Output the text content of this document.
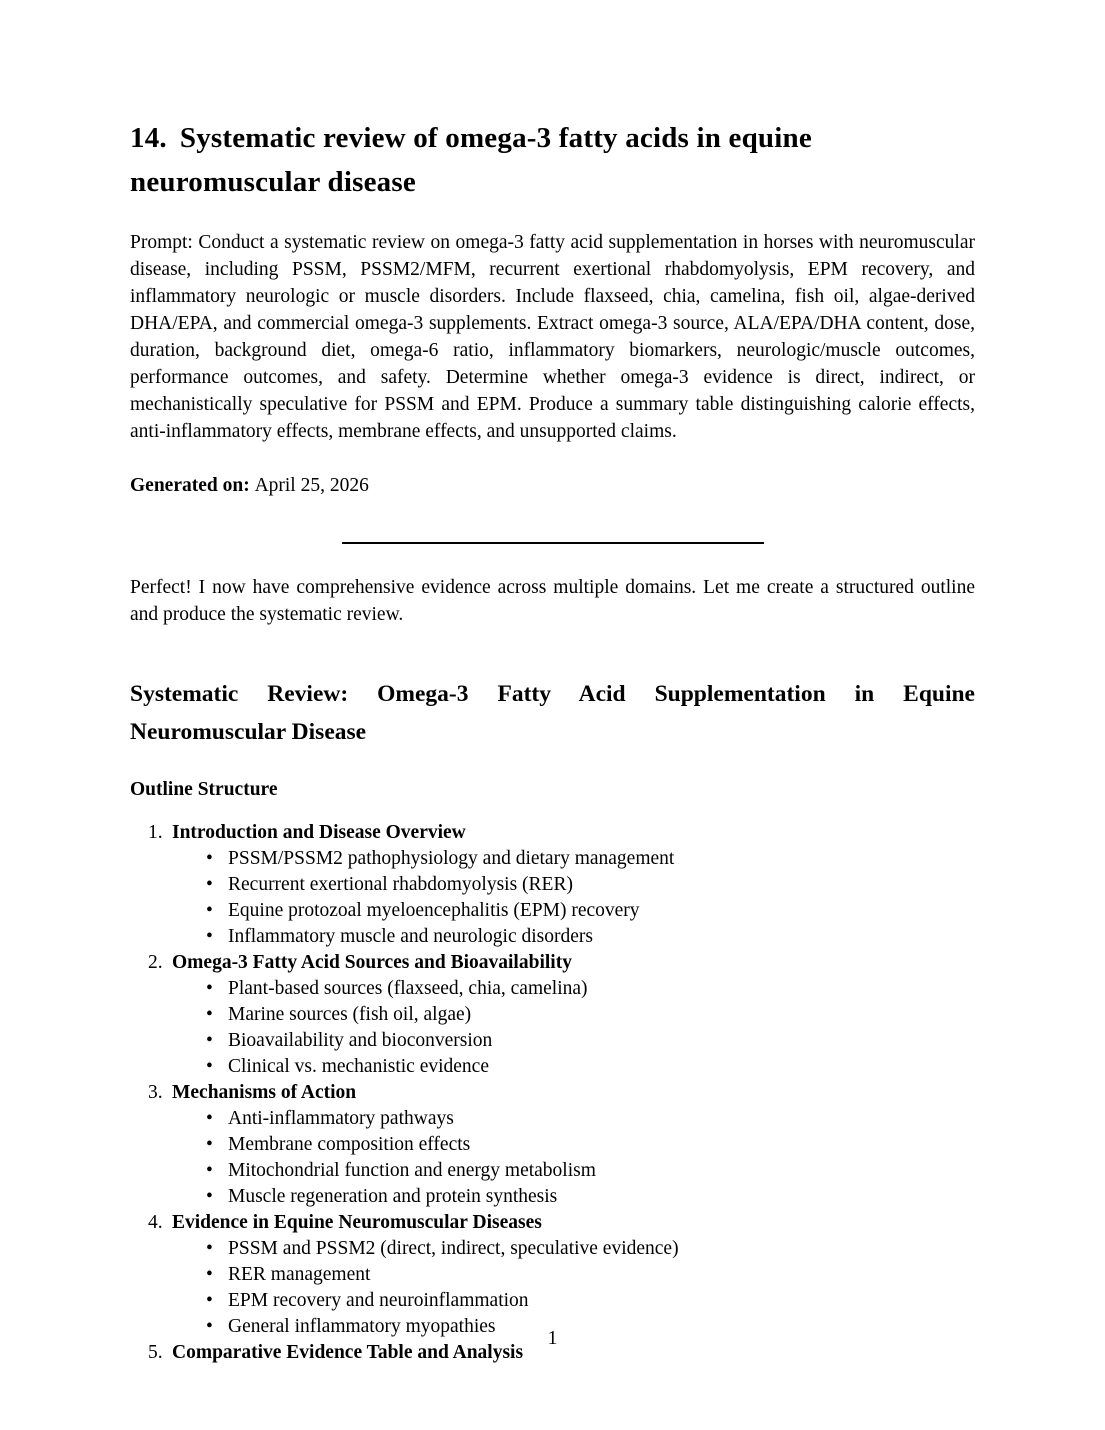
14. Systematic review of omega-3 fatty acids in equine neuromuscular disease

Prompt: Conduct a systematic review on omega-3 fatty acid supplementation in horses with neuromuscular disease, including PSSM, PSSM2/MFM, recurrent exertional rhabdomyolysis, EPM recovery, and inflammatory neurologic or muscle disorders. Include flaxseed, chia, camelina, fish oil, algae-derived DHA/EPA, and commercial omega-3 supplements. Extract omega-3 source, ALA/EPA/DHA content, dose, duration, background diet, omega-6 ratio, inflammatory biomarkers, neurologic/muscle outcomes, performance outcomes, and safety. Determine whether omega-3 evidence is direct, indirect, or mechanistically speculative for PSSM and EPM. Produce a summary table distinguishing calorie effects, anti-inflammatory effects, membrane effects, and unsupported claims.

Generated on: April 25, 2026

Perfect! I now have comprehensive evidence across multiple domains. Let me create a structured outline and produce the systematic review.

Systematic Review: Omega-3 Fatty Acid Supplementation in Equine Neuromuscular Disease
Outline Structure
1. Introduction and Disease Overview
• PSSM/PSSM2 pathophysiology and dietary management
• Recurrent exertional rhabdomyolysis (RER)
• Equine protozoal myeloencephalitis (EPM) recovery
• Inflammatory muscle and neurologic disorders
2. Omega-3 Fatty Acid Sources and Bioavailability
• Plant-based sources (flaxseed, chia, camelina)
• Marine sources (fish oil, algae)
• Bioavailability and bioconversion
• Clinical vs. mechanistic evidence
3. Mechanisms of Action
• Anti-inflammatory pathways
• Membrane composition effects
• Mitochondrial function and energy metabolism
• Muscle regeneration and protein synthesis
4. Evidence in Equine Neuromuscular Diseases
• PSSM and PSSM2 (direct, indirect, speculative evidence)
• RER management
• EPM recovery and neuroinflammation
• General inflammatory myopathies
5. Comparative Evidence Table and Analysis
1
